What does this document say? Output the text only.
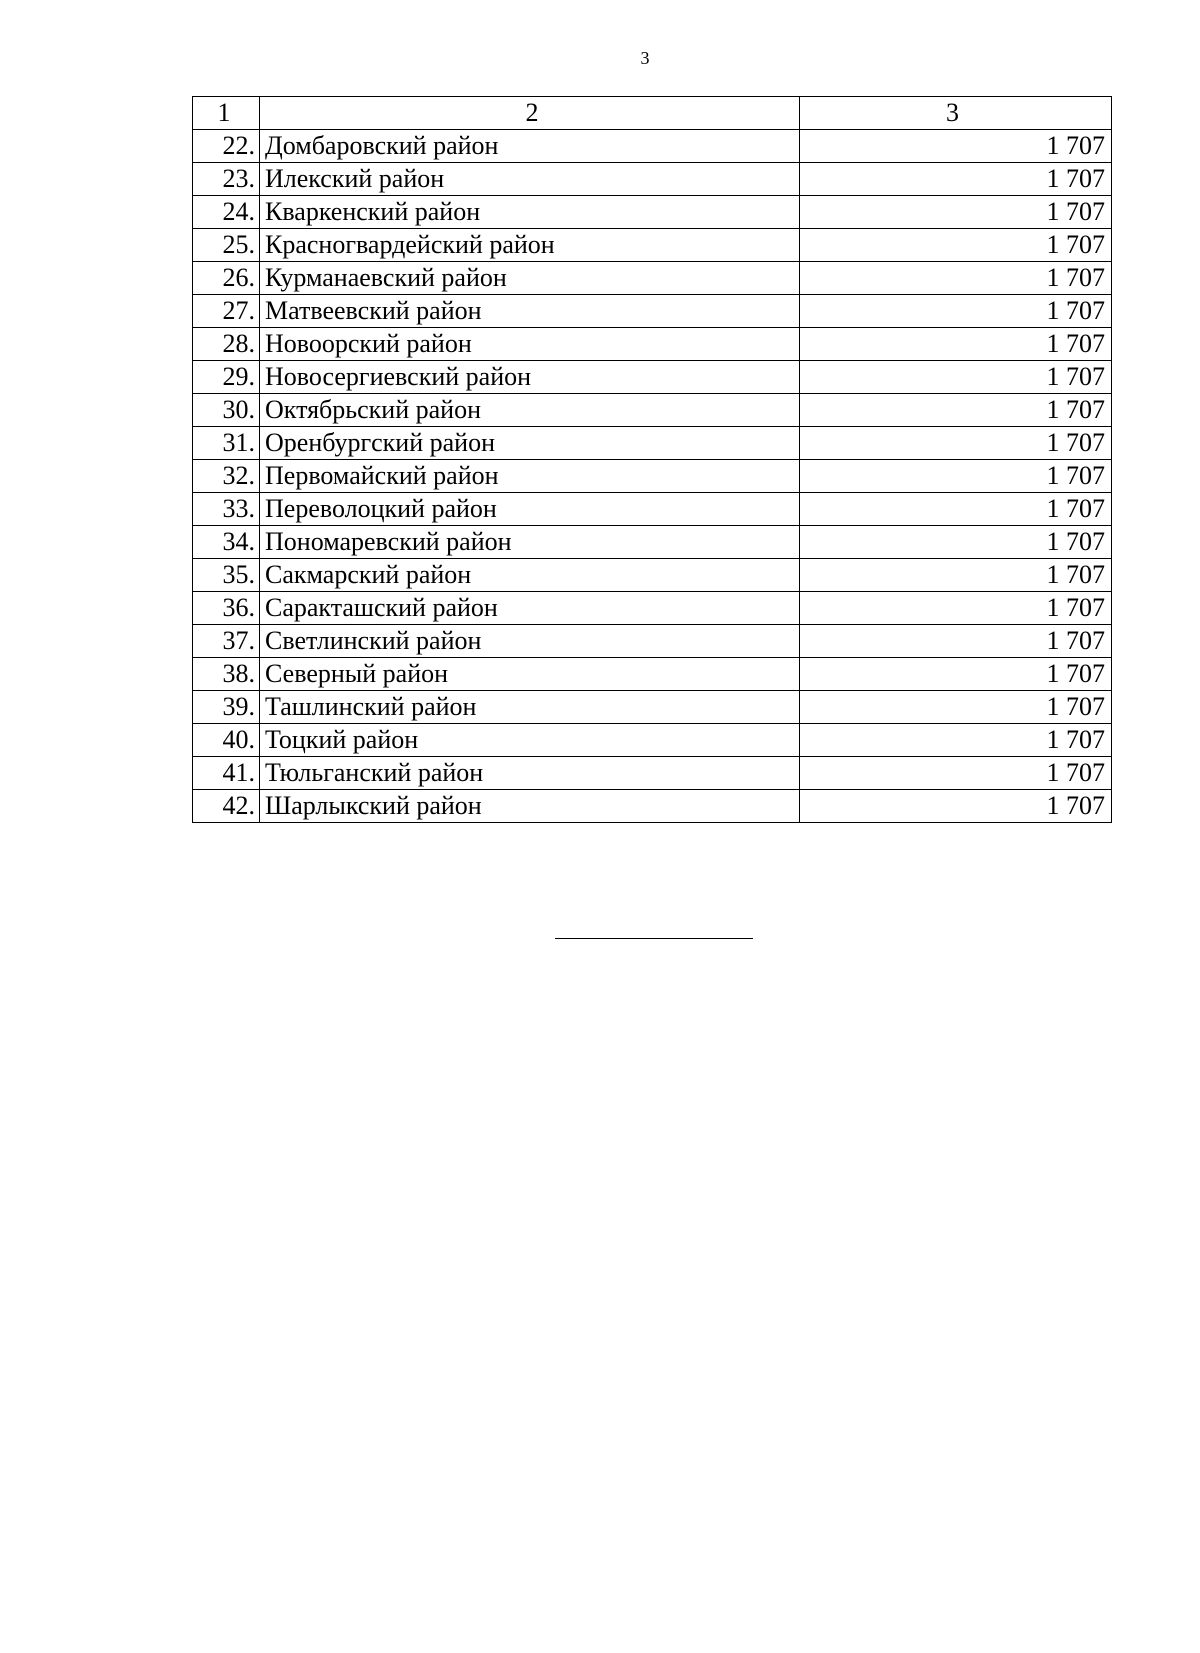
3
1	2	3
22.	Домбаровский район	1 707
23.	Илекский район	1 707
24.	Кваркенский район	1 707
25.	Красногвардейский район	1 707
26.	Курманаевский район	1 707
27.	Матвеевский район	1 707
28.	Новоорский район	1 707
29.	Новосергиевский район	1 707
30.	Октябрьский район	1 707
31.	Оренбургский район	1 707
32.	Первомайский район	1 707
33.	Переволоцкий район	1 707
34.	Пономаревский район	1 707
35.	Сакмарский район	1 707
36.	Саракташский район	1 707
37.	Светлинский район	1 707
38.	Северный район	1 707
39.	Ташлинский район	1 707
40.	Тоцкий район	1 707
41.	Тюльганский район	1 707
42.	Шарлыкский район	1 707
